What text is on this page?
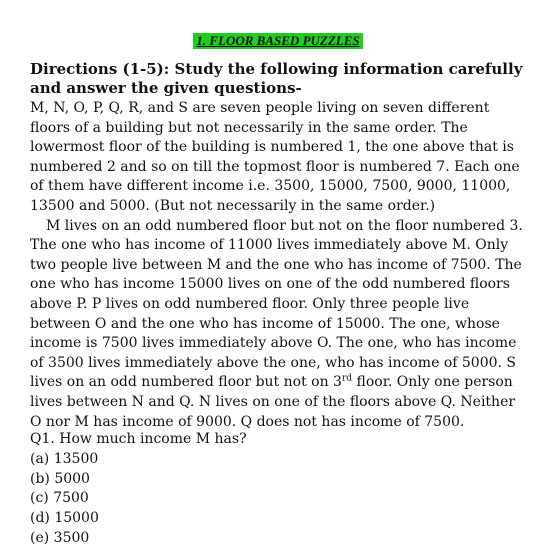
1. FLOOR BASED PUZZLES
Directions (1-5): Study the following information carefully and answer the given questions-

M, N, O, P, Q, R, and S are seven people living on seven different floors of a building but not necessarily in the same order. The lowermost floor of the building is numbered 1, the one above that is numbered 2 and so on till the topmost floor is numbered 7. Each one of them have different income i.e. 3500, 15000, 7500, 9000, 11000, 13500 and 5000. (But not necessarily in the same order.)

M lives on an odd numbered floor but not on the floor numbered 3. The one who has income of 11000 lives immediately above M. Only two people live between M and the one who has income of 7500. The one who has income 15000 lives on one of the odd numbered floors above P. P lives on odd numbered floor. Only three people live between O and the one who has income of 15000. The one, whose income is 7500 lives immediately above O. The one, who has income of 3500 lives immediately above the one, who has income of 5000. S lives on an odd numbered floor but not on 3rd floor. Only one person lives between N and Q. N lives on one of the floors above Q. Neither O nor M has income of 9000. Q does not has income of 7500.

Q1. How much income M has?
(a) 13500
(b) 5000
(c) 7500
(d) 15000
(e) 3500
